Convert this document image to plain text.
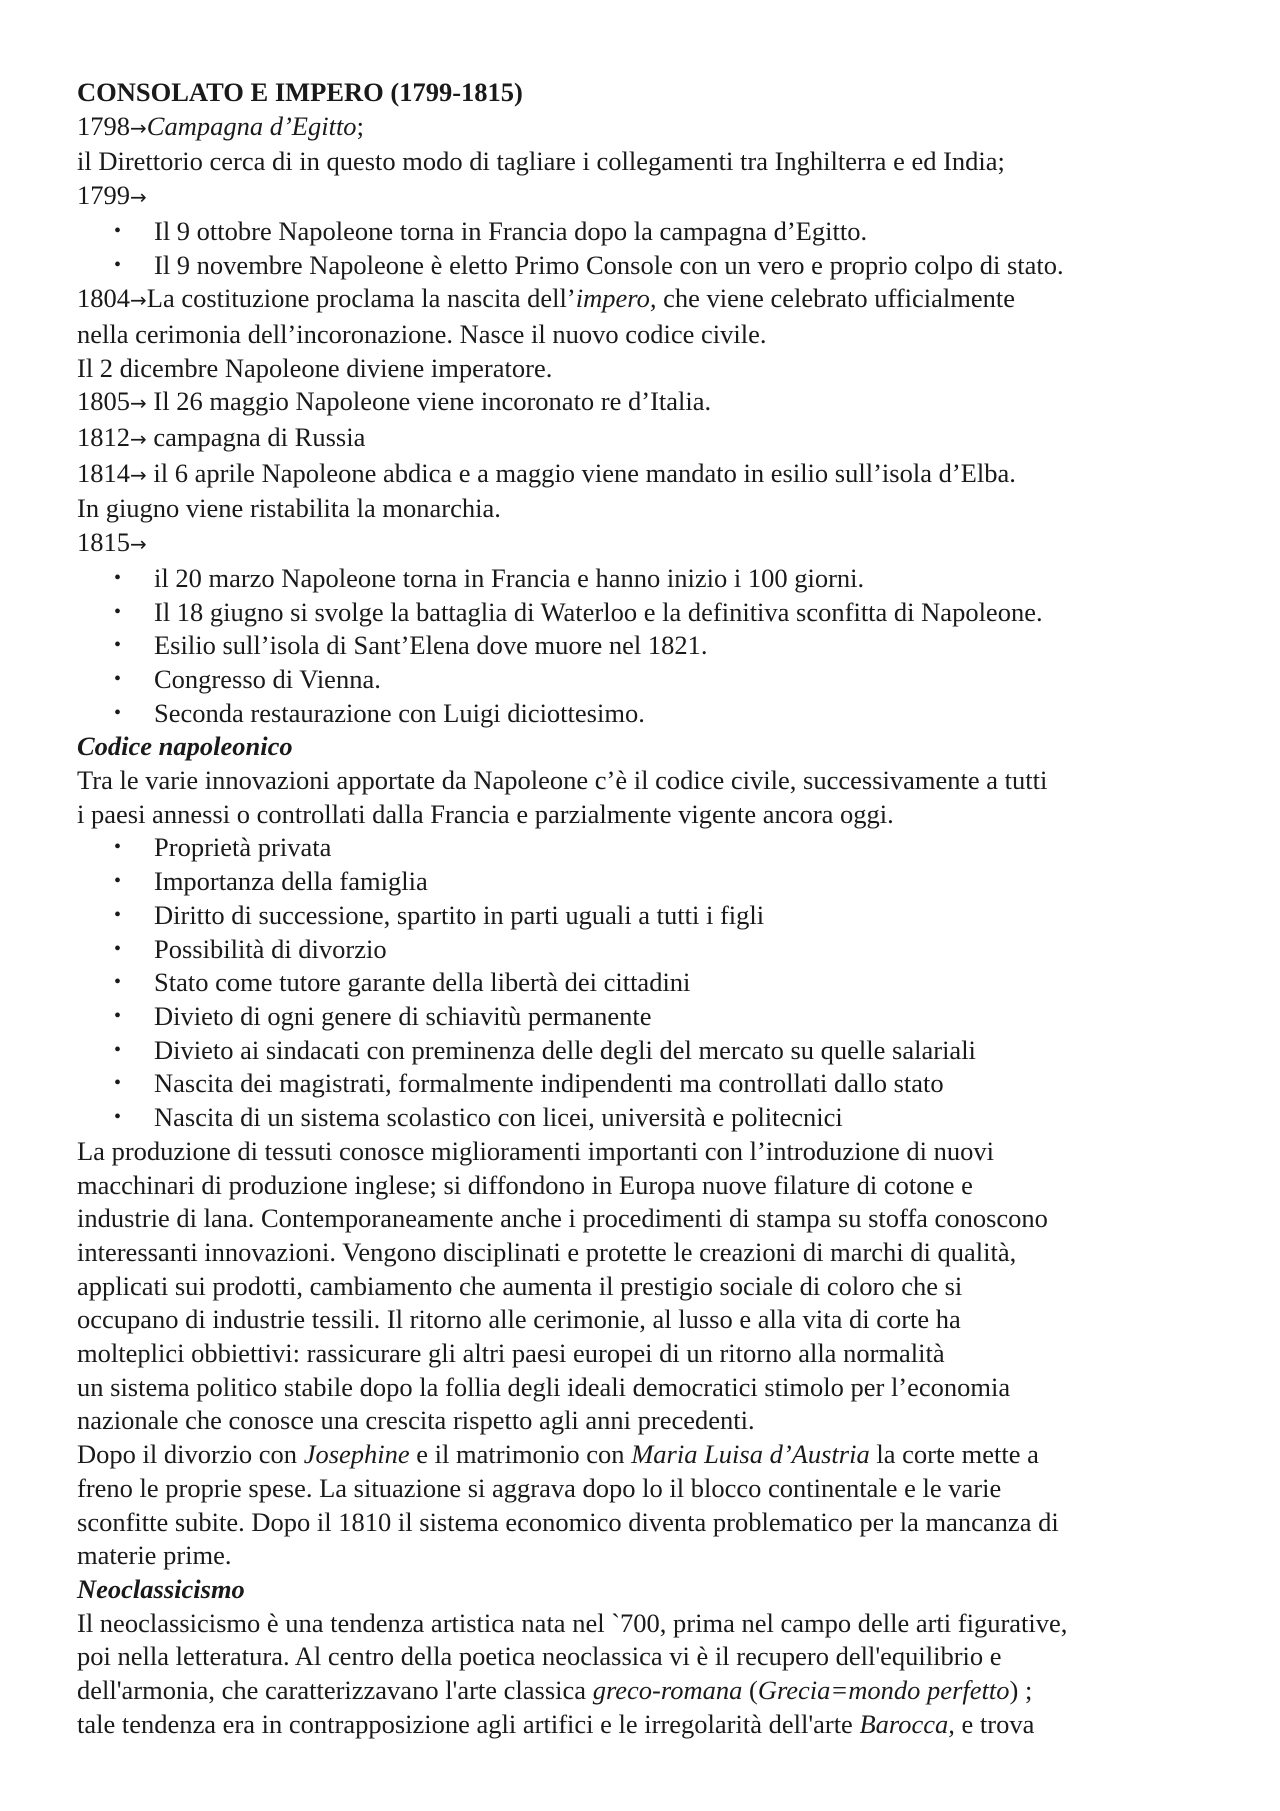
CONSOLATO E IMPERO (1799-1815)
1798→Campagna d’Egitto;
il Direttorio cerca di in questo modo di tagliare i collegamenti tra Inghilterra e ed India;
1799→
• Il 9 ottobre Napoleone torna in Francia dopo la campagna d’Egitto.
• Il 9 novembre Napoleone è eletto Primo Console con un vero e proprio colpo di stato.
1804→La costituzione proclama la nascita dell’impero, che viene celebrato ufficialmente
nella cerimonia dell’incoronazione. Nasce il nuovo codice civile.
Il 2 dicembre Napoleone diviene imperatore.
1805→ Il 26 maggio Napoleone viene incoronato re d’Italia.
1812→ campagna di Russia
1814→ il 6 aprile Napoleone abdica e a maggio viene mandato in esilio sull’isola d’Elba.
In giugno viene ristabilita la monarchia.
1815→
• il 20 marzo Napoleone torna in Francia e hanno inizio i 100 giorni.
• Il 18 giugno si svolge la battaglia di Waterloo e la definitiva sconfitta di Napoleone.
• Esilio sull’isola di Sant’Elena dove muore nel 1821.
• Congresso di Vienna.
• Seconda restaurazione con Luigi diciottesimo.
Codice napoleonico
Tra le varie innovazioni apportate da Napoleone c’è il codice civile, successivamente a tutti
i paesi annessi o controllati dalla Francia e parzialmente vigente ancora oggi.
• Proprietà privata
• Importanza della famiglia
• Diritto di successione, spartito in parti uguali a tutti i figli
• Possibilità di divorzio
• Stato come tutore garante della libertà dei cittadini
• Divieto di ogni genere di schiavitù permanente
• Divieto ai sindacati con preminenza delle degli del mercato su quelle salariali
• Nascita dei magistrati, formalmente indipendenti ma controllati dallo stato
• Nascita di un sistema scolastico con licei, università e politecnici
La produzione di tessuti conosce miglioramenti importanti con l’introduzione di nuovi
macchinari di produzione inglese; si diffondono in Europa nuove filature di cotone e
industrie di lana. Contemporaneamente anche i procedimenti di stampa su stoffa conoscono
interessanti innovazioni. Vengono disciplinati e protette le creazioni di marchi di qualità,
applicati sui prodotti, cambiamento che aumenta il prestigio sociale di coloro che si
occupano di industrie tessili. Il ritorno alle cerimonie, al lusso e alla vita di corte ha
molteplici obbiettivi: rassicurare gli altri paesi europei di un ritorno alla normalità
un sistema politico stabile dopo la follia degli ideali democratici stimolo per l’economia
nazionale che conosce una crescita rispetto agli anni precedenti.
Dopo il divorzio con Josephine e il matrimonio con Maria Luisa d’Austria la corte mette a
freno le proprie spese. La situazione si aggrava dopo lo il blocco continentale e le varie
sconfitte subite. Dopo il 1810 il sistema economico diventa problematico per la mancanza di
materie prime.
Neoclassicismo
Il neoclassicismo è una tendenza artistica nata nel `700, prima nel campo delle arti figurative,
poi nella letteratura. Al centro della poetica neoclassica vi è il recupero dell'equilibrio e
dell'armonia, che caratterizzavano l'arte classica greco-romana (Grecia=mondo perfetto) ;
tale tendenza era in contrapposizione agli artifici e le irregolarità dell'arte Barocca, e trova
